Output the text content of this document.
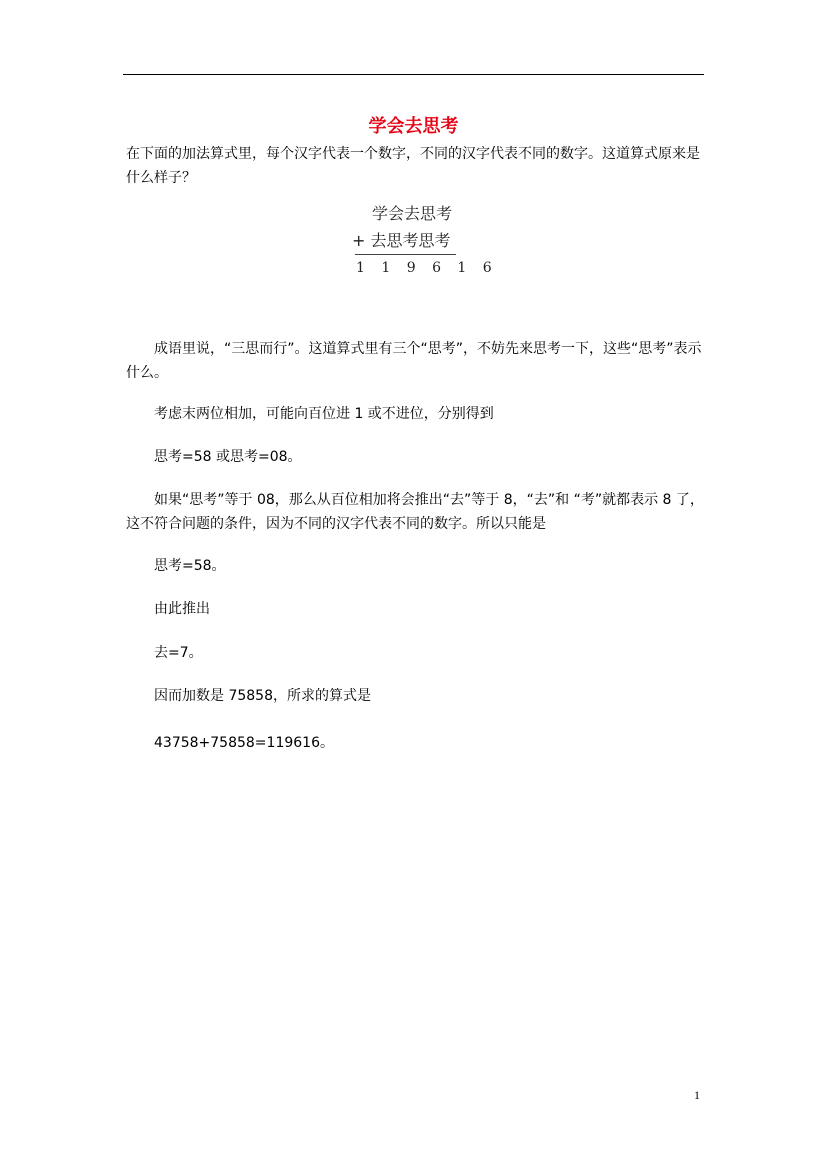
学会去思考

在下面的加法算式里，每个汉字代表一个数字，不同的汉字代表不同的数字。这道算式原来是什么样子？

学会去思考
+ 去思考思考
1 1 9 6 1 6

成语里说，“三思而行”。这道算式里有三个“思考”，不妨先来思考一下，这些“思考”表示什么。

考虑末两位相加，可能向百位进 1 或不进位，分别得到

思考=58 或思考=08。

如果“思考”等于 08，那么从百位相加将会推出“去”等于 8，“去”和 “考”就都表示 8 了，这不符合问题的条件，因为不同的汉字代表不同的数字。所以只能是

思考=58。

由此推出

去=7。

因而加数是 75858，所求的算式是

43758+75858=119616。

1
